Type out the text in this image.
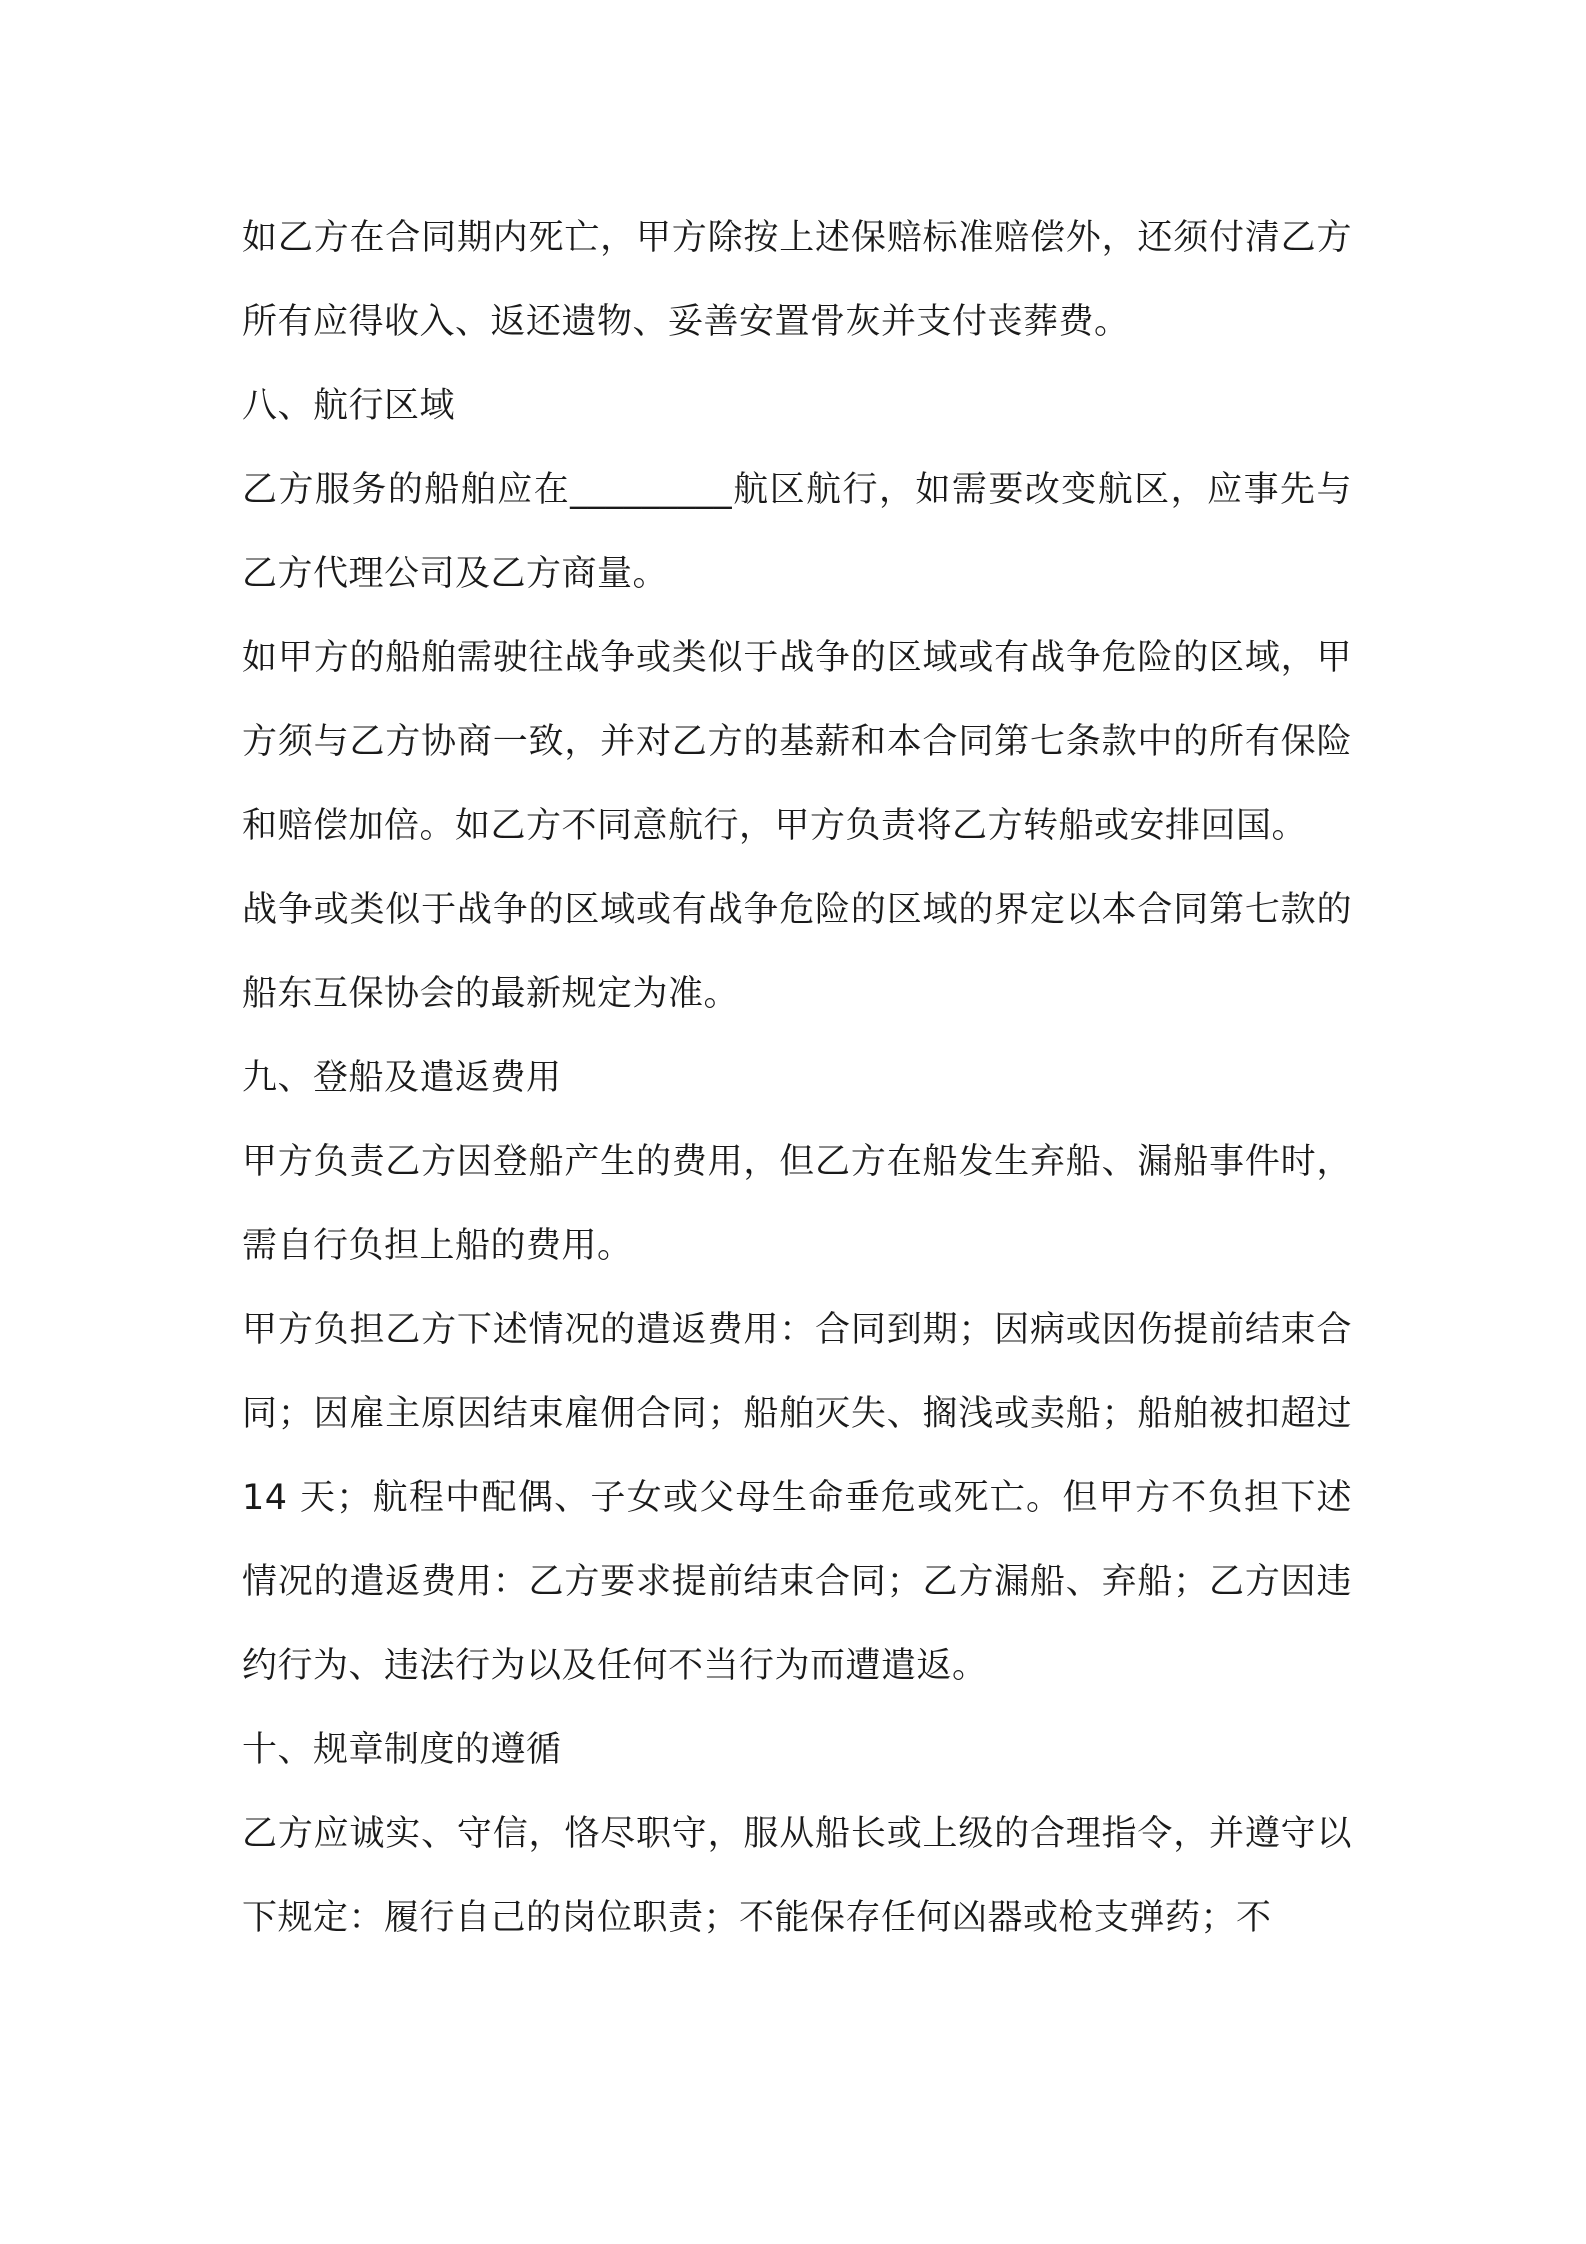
如乙方在合同期内死亡，甲方除按上述保赔标准赔偿外，还须付清乙方所有应得收入、返还遗物、妥善安置骨灰并支付丧葬费。

八、航行区域

乙方服务的船舶应在_________航区航行，如需要改变航区，应事先与乙方代理公司及乙方商量。

如甲方的船舶需驶往战争或类似于战争的区域或有战争危险的区域，甲方须与乙方协商一致，并对乙方的基薪和本合同第七条款中的所有保险和赔偿加倍。如乙方不同意航行，甲方负责将乙方转船或安排回国。

战争或类似于战争的区域或有战争危险的区域的界定以本合同第七款的船东互保协会的最新规定为准。

九、登船及遣返费用

甲方负责乙方因登船产生的费用，但乙方在船发生弃船、漏船事件时，需自行负担上船的费用。

甲方负担乙方下述情况的遣返费用：合同到期；因病或因伤提前结束合同；因雇主原因结束雇佣合同；船舶灭失、搁浅或卖船；船舶被扣超过 14 天；航程中配偶、子女或父母生命垂危或死亡。但甲方不负担下述情况的遣返费用：乙方要求提前结束合同；乙方漏船、弃船；乙方因违约行为、违法行为以及任何不当行为而遭遣返。

十、规章制度的遵循

乙方应诚实、守信，恪尽职守，服从船长或上级的合理指令，并遵守以下规定：履行自己的岗位职责；不能保存任何凶器或枪支弹药；不
